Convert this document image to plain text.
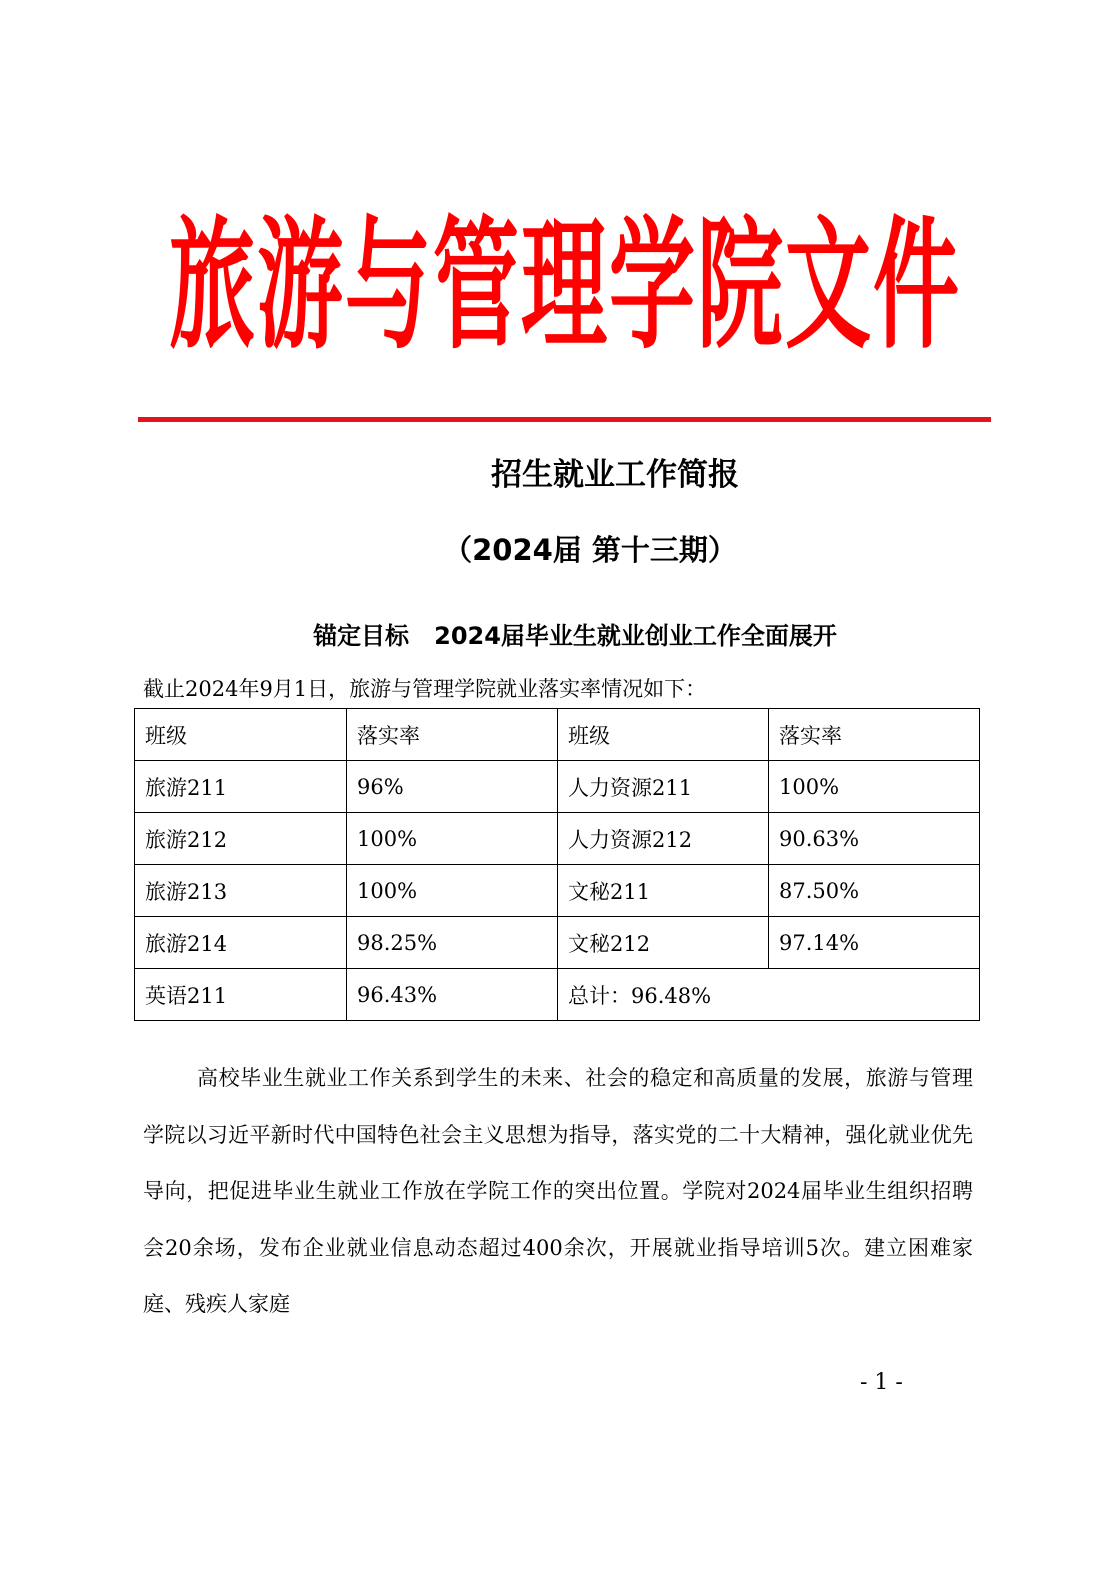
旅游与管理学院文件
招生就业工作简报
（2024届 第十三期）
锚定目标   2024届毕业生就业创业工作全面展开
截止2024年9月1日，旅游与管理学院就业落实率情况如下：
班级	落实率	班级	落实率
旅游211	96%	人力资源211	100%
旅游212	100%	人力资源212	90.63%
旅游213	100%	文秘211	87.50%
旅游214	98.25%	文秘212	97.14%
英语211	96.43%	总计：96.48%	
高校毕业生就业工作关系到学生的未来、社会的稳定和高质量的发展，旅游与管理学院以习近平新时代中国特色社会主义思想为指导，落实党的二十大精神，强化就业优先导向，把促进毕业生就业工作放在学院工作的突出位置。学院对2024届毕业生组织招聘会20余场，发布企业就业信息动态超过400余次，开展就业指导培训5次。建立困难家庭、残疾人家庭
- 1 -
